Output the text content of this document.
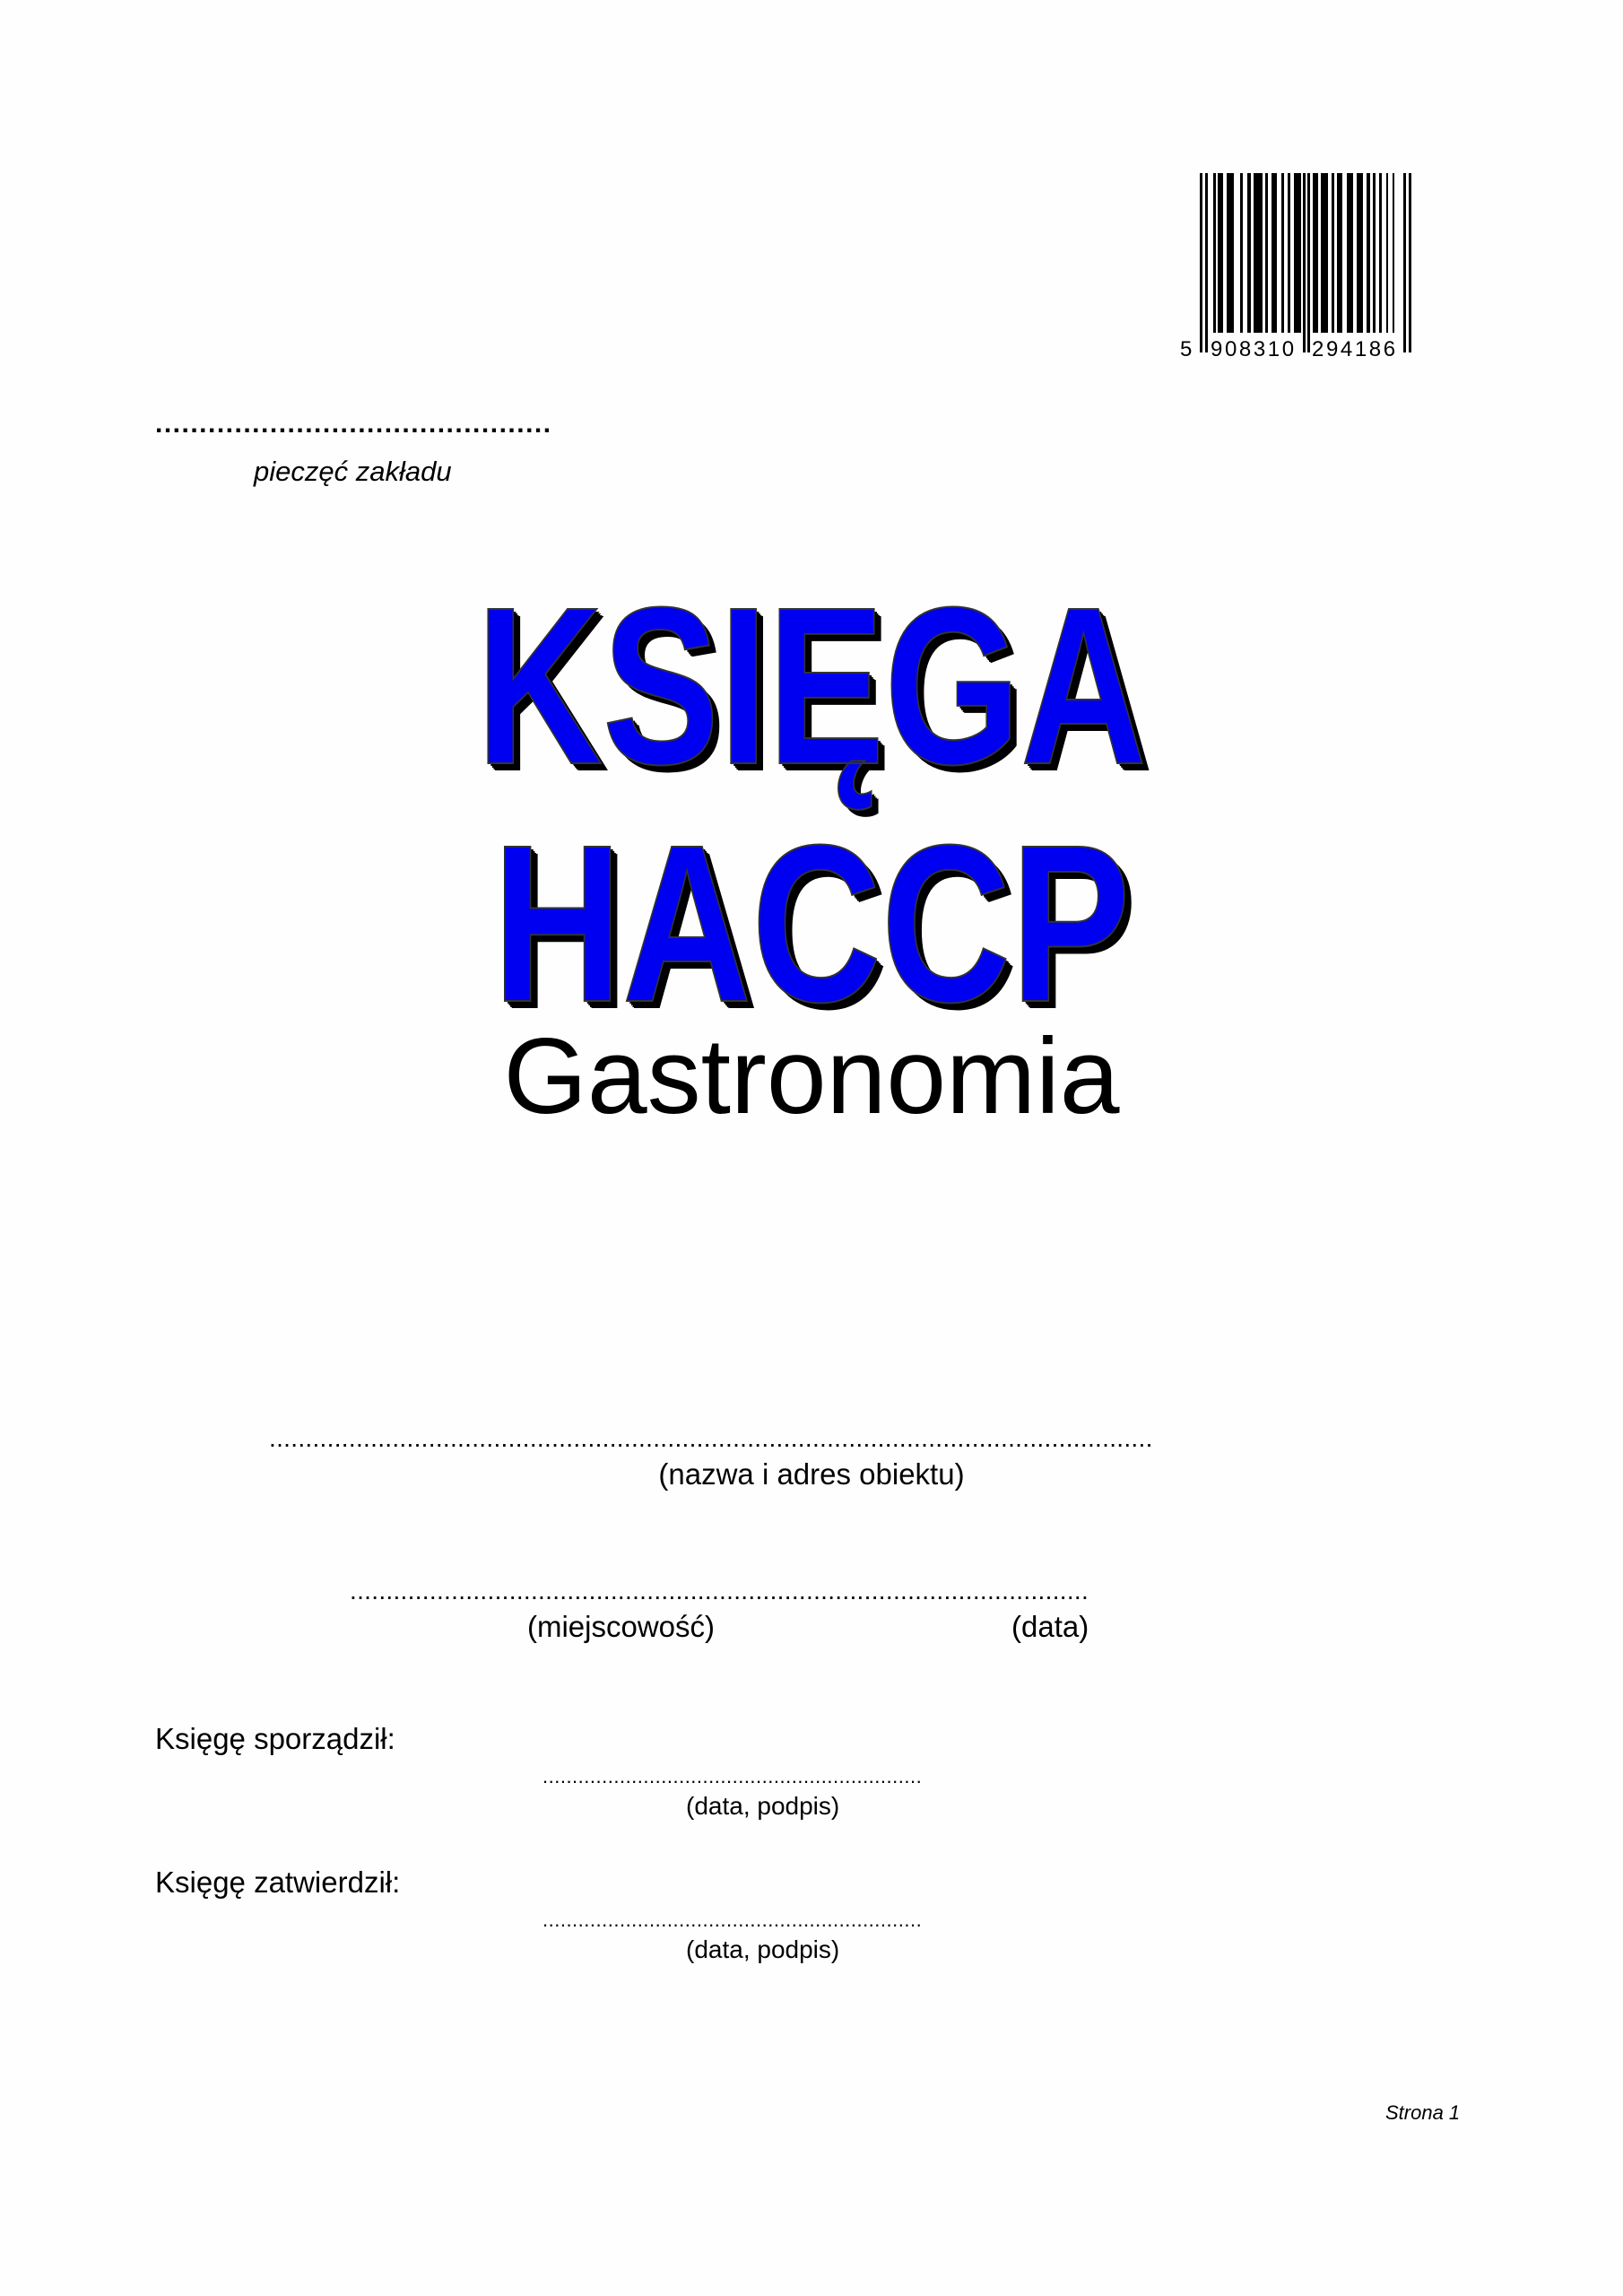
5 908310 294186
.............................................
pieczęć zakładu
KSIĘGA
HACCP
Gastronomia
..........................................................................................................................
(nazwa i adres obiektu)
......................................................................................................
(miejscowość)	(data)
Księgę sporządził:
................................................................
(data, podpis)
Księgę zatwierdził:
................................................................
(data, podpis)
Strona 1
